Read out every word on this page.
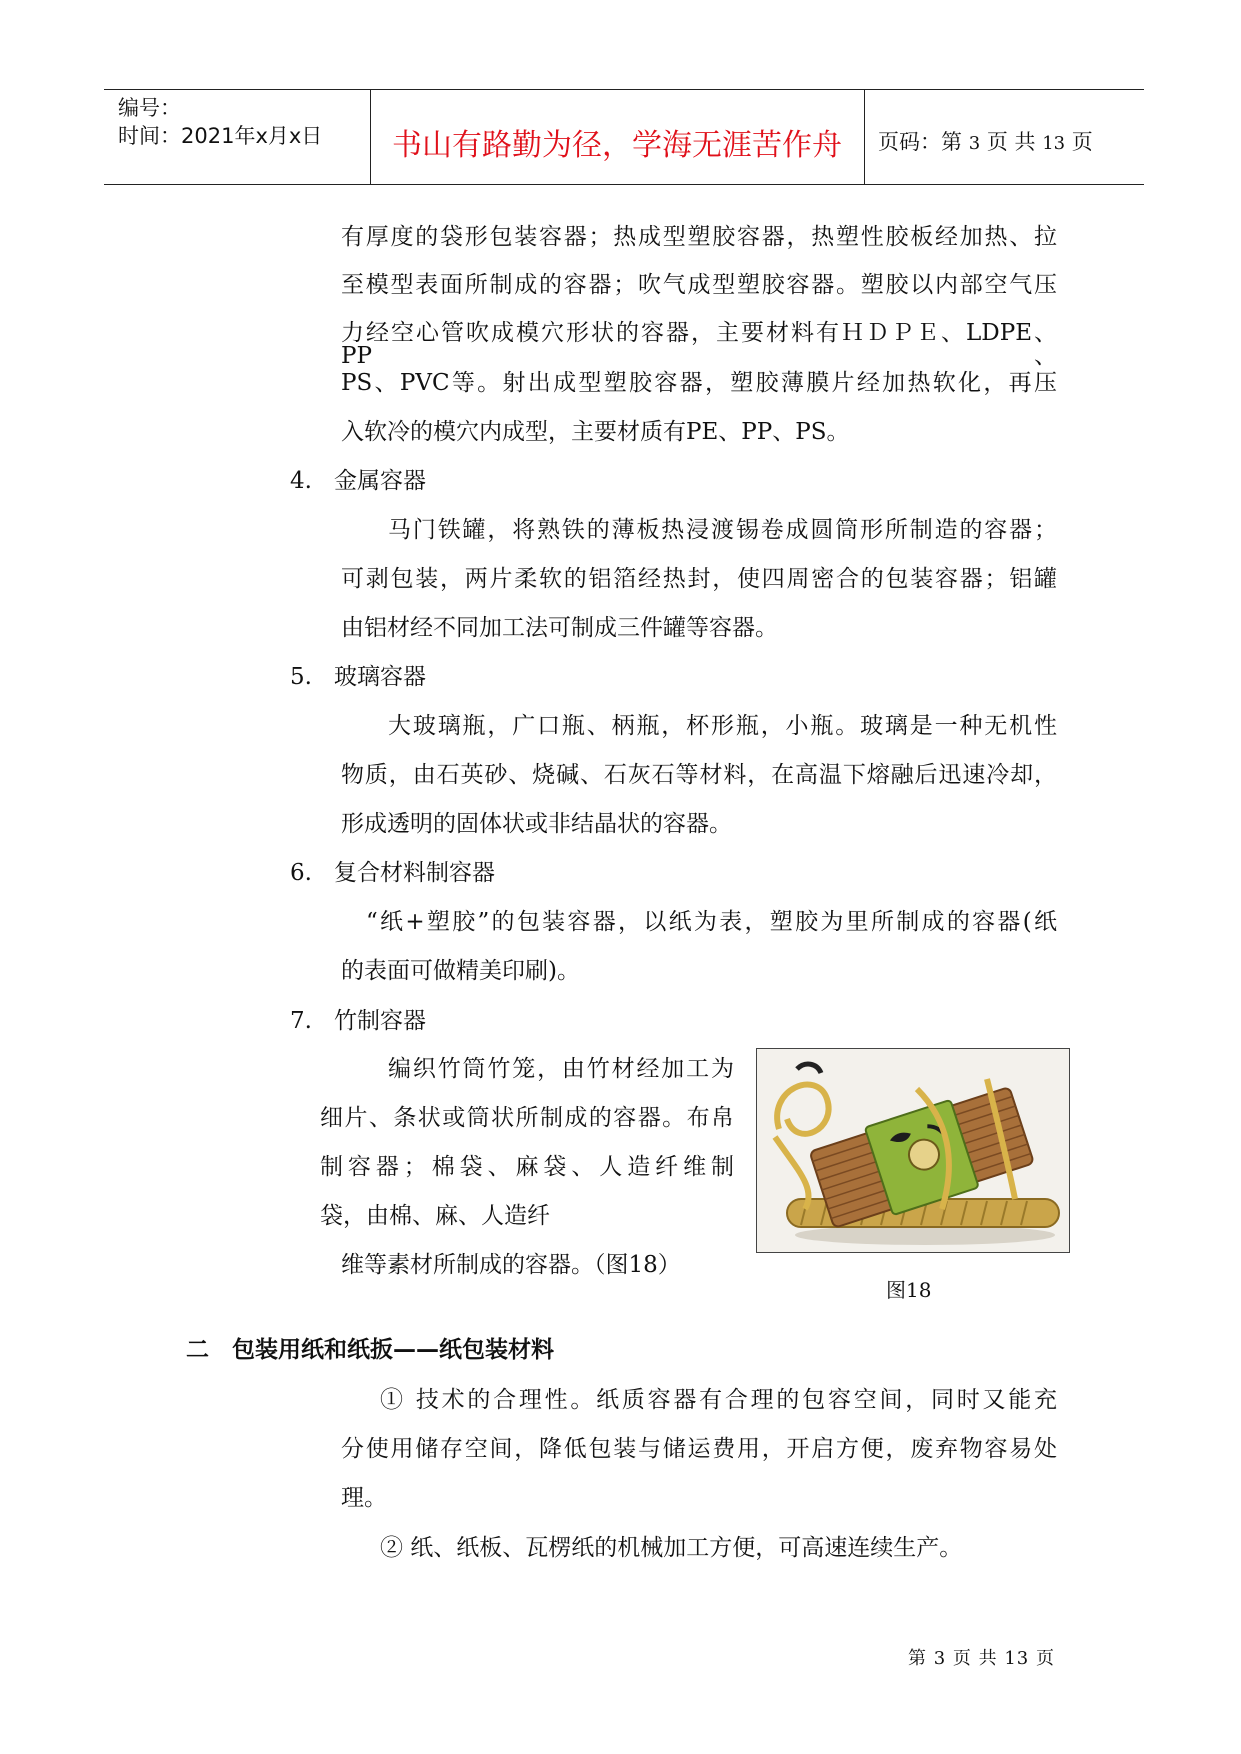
编号：
时间：2021年x月x日	书山有路勤为径，学海无涯苦作舟	页码：第 3 页 共 13 页
有厚度的袋形包装容器；热成型塑胶容器，热塑性胶板经加热、拉
至模型表面所制成的容器；吹气成型塑胶容器。塑胶以内部空气压
力经空心管吹成模穴形状的容器，主要材料有ＨＤＰＥ、LDPE、PP、
PS、PVC等。射出成型塑胶容器，塑胶薄膜片经加热软化，再压
入软冷的模穴内成型，主要材质有PE、PP、PS。
4. 金属容器
马门铁罐，将熟铁的薄板热浸渡锡卷成圆筒形所制造的容器；
可剥包装，两片柔软的铝箔经热封，使四周密合的包装容器；铝罐
由铝材经不同加工法可制成三件罐等容器。
5. 玻璃容器
大玻璃瓶，广口瓶、柄瓶，杯形瓶，小瓶。玻璃是一种无机性
物质，由石英砂、烧碱、石灰石等材料，在高温下熔融后迅速冷却，
形成透明的固体状或非结晶状的容器。
6. 复合材料制容器
“纸+塑胶”的包装容器，以纸为表，塑胶为里所制成的容器(纸
的表面可做精美印刷)。
7. 竹制容器
编织竹筒竹笼，由竹材经加工为
细片、条状或筒状所制成的容器。布帛
制容器；棉袋、麻袋、人造纤维制
袋，由棉、麻、人造纤
维等素材所制成的容器。（图18）
图18
二　包装用纸和纸扳——纸包装材料
① 技术的合理性。纸质容器有合理的包容空间，同时又能充
分使用储存空间，降低包装与储运费用，开启方便，废弃物容易处
理。
② 纸、纸板、瓦楞纸的机械加工方便，可高速连续生产。
第 3 页 共 13 页
